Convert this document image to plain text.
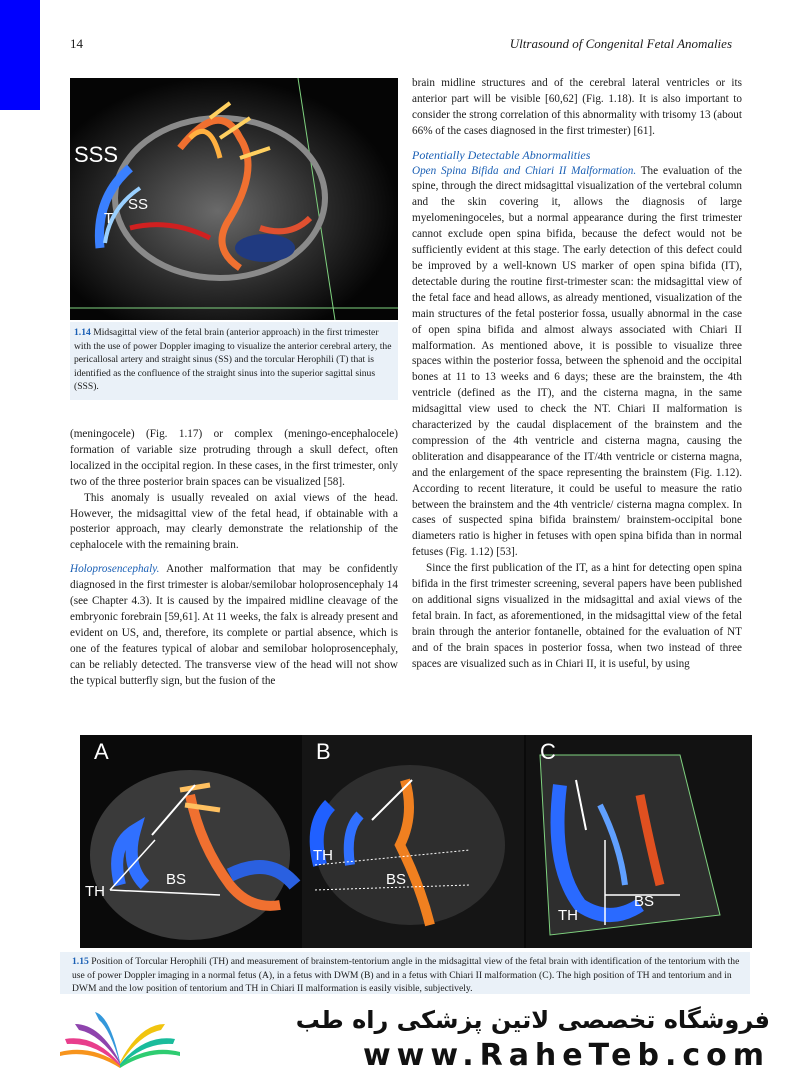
14	Ultrasound of Congenital Fetal Anomalies
SSS
SS
T
1.14 Midsagittal view of the fetal brain (anterior approach) in the first trimester with the use of power Doppler imaging to visualize the anterior cerebral artery, the pericallosal artery and straight sinus (SS) and the torcular Herophili (T) that is identified as the confluence of the straight sinus into the superior sagittal sinus (SSS).

(meningocele) (Fig. 1.17) or complex (meningo-encephalocele) formation of variable size protruding through a skull defect, often localized in the occipital region. In these cases, in the first trimester, only two of the three posterior brain spaces can be visualized [58].

This anomaly is usually revealed on axial views of the head. However, the midsagittal view of the fetal head, if obtainable with a posterior approach, may clearly demonstrate the relationship of the cephalocele with the remaining brain.

Holoprosencephaly. Another malformation that may be confidently diagnosed in the first trimester is alobar/semilobar holoprosencephaly 14 (see Chapter 4.3). It is caused by the impaired midline cleavage of the embryonic forebrain [59,61]. At 11 weeks, the falx is already present and evident on US, and, therefore, its complete or partial absence, which is one of the features typical of alobar and semilobar holoprosencephaly, can be reliably detected. The transverse view of the head will not show the typical butterfly sign, but the fusion of the

brain midline structures and of the cerebral lateral ventricles or its anterior part will be visible [60,62] (Fig. 1.18). It is also important to consider the strong correlation of this abnormality with trisomy 13 (about 66% of the cases diagnosed in the first trimester) [61].

Potentially Detectable Abnormalities

Open Spina Bifida and Chiari II Malformation. The evaluation of the spine, through the direct midsagittal visualization of the vertebral column and the skin covering it, allows the diagnosis of large myelomeningoceles, but a normal appearance during the first trimester cannot exclude open spina bifida, because the defect would not be sufficiently evident at this stage. The early detection of this defect could be improved by a well-known US marker of open spina bifida (IT), detectable during the routine first-trimester scan: the midsagittal view of the fetal face and head allows, as already mentioned, visualization of the main structures of the fetal posterior fossa, usually abnormal in the case of open spina bifida and almost always associated with Chiari II malformation. As mentioned above, it is possible to visualize three spaces within the posterior fossa, between the sphenoid and the occipital bones at 11 to 13 weeks and 6 days; these are the brainstem, the 4th ventricle (defined as the IT), and the cisterna magna, in the same midsagittal view used to check the NT. Chiari II malformation is characterized by the caudal displacement of the brainstem and the compression of the 4th ventricle and cisterna magna, causing the obliteration and disappearance of the IT/4th ventricle or cisterna magna, and the enlargement of the space representing the brainstem (Fig. 1.12). According to recent literature, it could be useful to measure the ratio between the brainstem and the 4th ventricle/ cisterna magna complex. In cases of suspected spina bifida brainstem/ brainstem-occipital bone diameters ratio is higher in fetuses with open spina bifida than in normal fetuses (Fig. 1.12) [53].

Since the first publication of the IT, as a hint for detecting open spina bifida in the first trimester screening, several papers have been published on additional signs visualized in the midsagittal and axial views of the fetal brain. In fact, as aforementioned, in the midsagittal view of the fetal brain through the anterior fontanelle, obtained for the evaluation of NT and of the brain spaces in posterior fossa, when two instead of three spaces are visualized such as in Chiari II, it is useful, by using

A
TH
BS
B
TH
BS
C
TH
BS
1.15 Position of Torcular Herophili (TH) and measurement of brainstem-tentorium angle in the midsagittal view of the fetal brain with identification of the tentorium with the use of power Doppler imaging in a normal fetus (A), in a fetus with DWM (B) and in a fetus with Chiari II malformation (C). The high position of TH and tentorium and in DWM and the low position of tentorium and TH in Chiari II malformation is easily visible, subjectively.
فروشگاه تخصصی لاتین پزشکی راه طب
www.RaheTeb.com
